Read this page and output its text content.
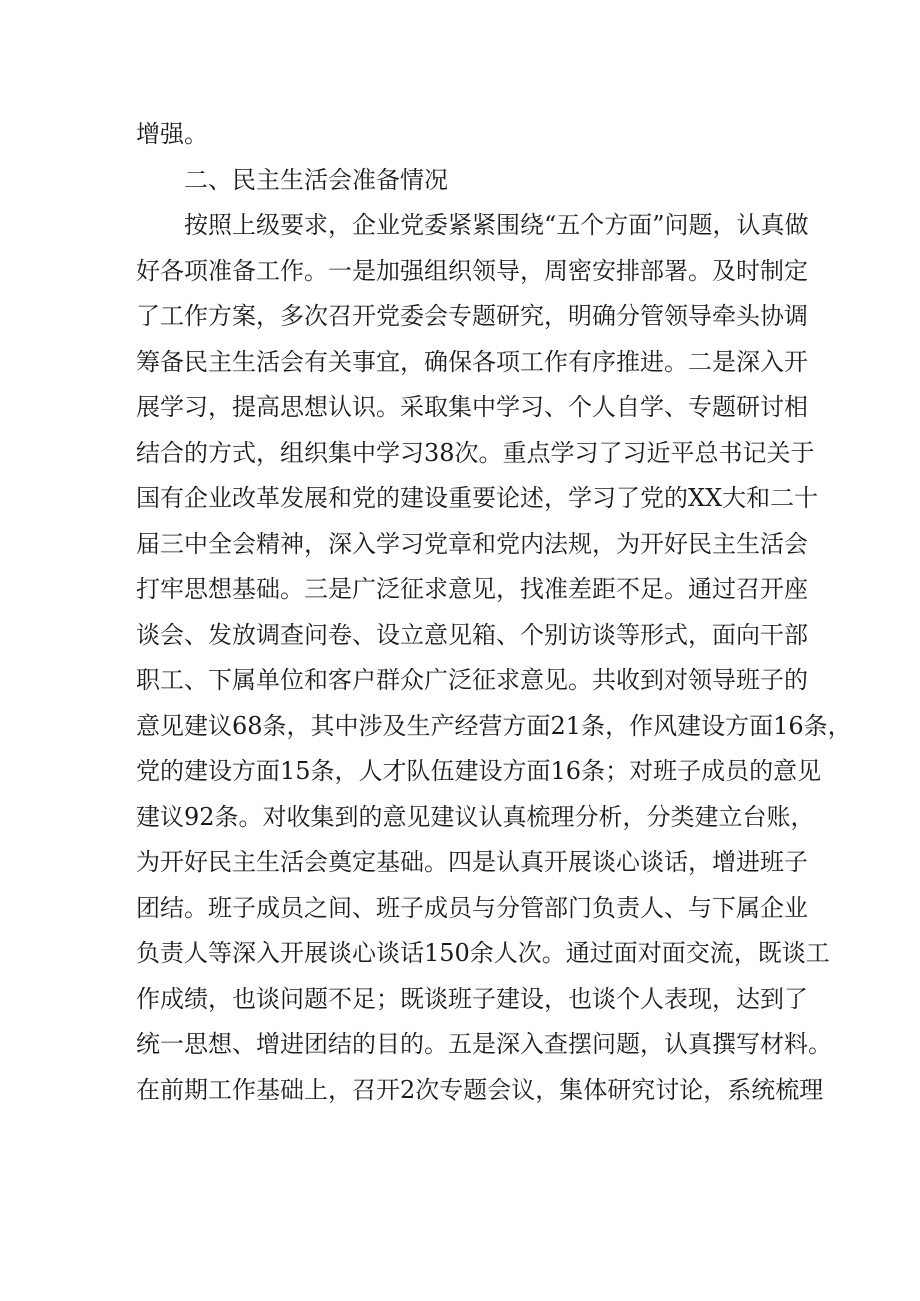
增强。
二、民主生活会准备情况
按照上级要求，企业党委紧紧围绕“五个方面”问题，认真做
好各项准备工作。一是加强组织领导，周密安排部署。及时制定
了工作方案，多次召开党委会专题研究，明确分管领导牵头协调
筹备民主生活会有关事宜，确保各项工作有序推进。二是深入开
展学习，提高思想认识。采取集中学习、个人自学、专题研讨相
结合的方式，组织集中学习38次。重点学习了习近平总书记关于
国有企业改革发展和党的建设重要论述，学习了党的XX大和二十
届三中全会精神，深入学习党章和党内法规，为开好民主生活会
打牢思想基础。三是广泛征求意见，找准差距不足。通过召开座
谈会、发放调查问卷、设立意见箱、个别访谈等形式，面向干部
职工、下属单位和客户群众广泛征求意见。共收到对领导班子的
意见建议68条，其中涉及生产经营方面21条，作风建设方面16条，
党的建设方面15条，人才队伍建设方面16条；对班子成员的意见
建议92条。对收集到的意见建议认真梳理分析，分类建立台账，
为开好民主生活会奠定基础。四是认真开展谈心谈话，增进班子
团结。班子成员之间、班子成员与分管部门负责人、与下属企业
负责人等深入开展谈心谈话150余人次。通过面对面交流，既谈工
作成绩，也谈问题不足；既谈班子建设，也谈个人表现，达到了
统一思想、增进团结的目的。五是深入查摆问题，认真撰写材料。
在前期工作基础上，召开2次专题会议，集体研究讨论，系统梳理
